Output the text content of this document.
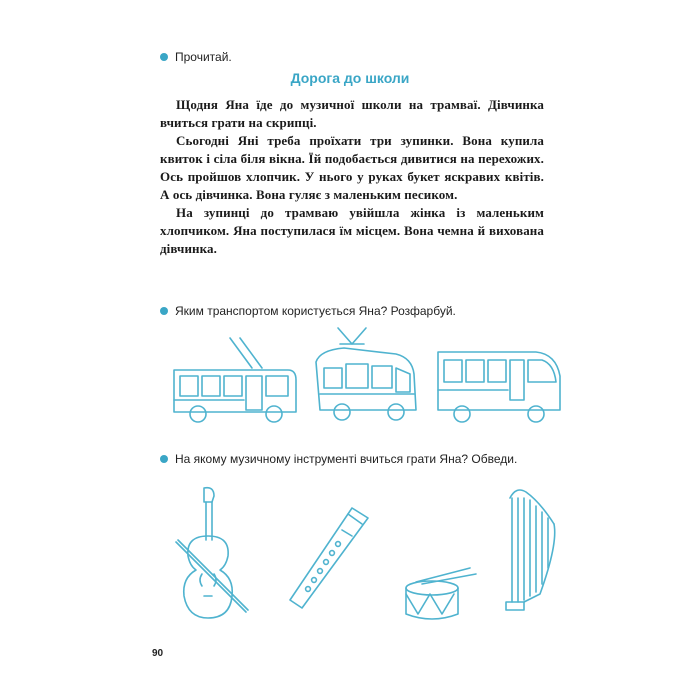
Прочитай.
Дорога до школи

Щодня Яна їде до музичної школи на трамваї. Дівчинка вчиться грати на скрипці.

Сьогодні Яні треба проїхати три зупинки. Вона купила квиток і сіла біля вікна. Їй подобається дивитися на перехожих. Ось пройшов хлопчик. У нього у руках букет яскравих квітів. А ось дівчинка. Вона гуляє з маленьким песиком.

На зупинці до трамваю увійшла жінка із маленьким хлопчиком. Яна поступилася їм місцем. Вона чемна й вихована дівчинка.

Яким транспортом користується Яна? Розфарбуй.
На якому музичному інструменті вчиться грати Яна? Обведи.
90
